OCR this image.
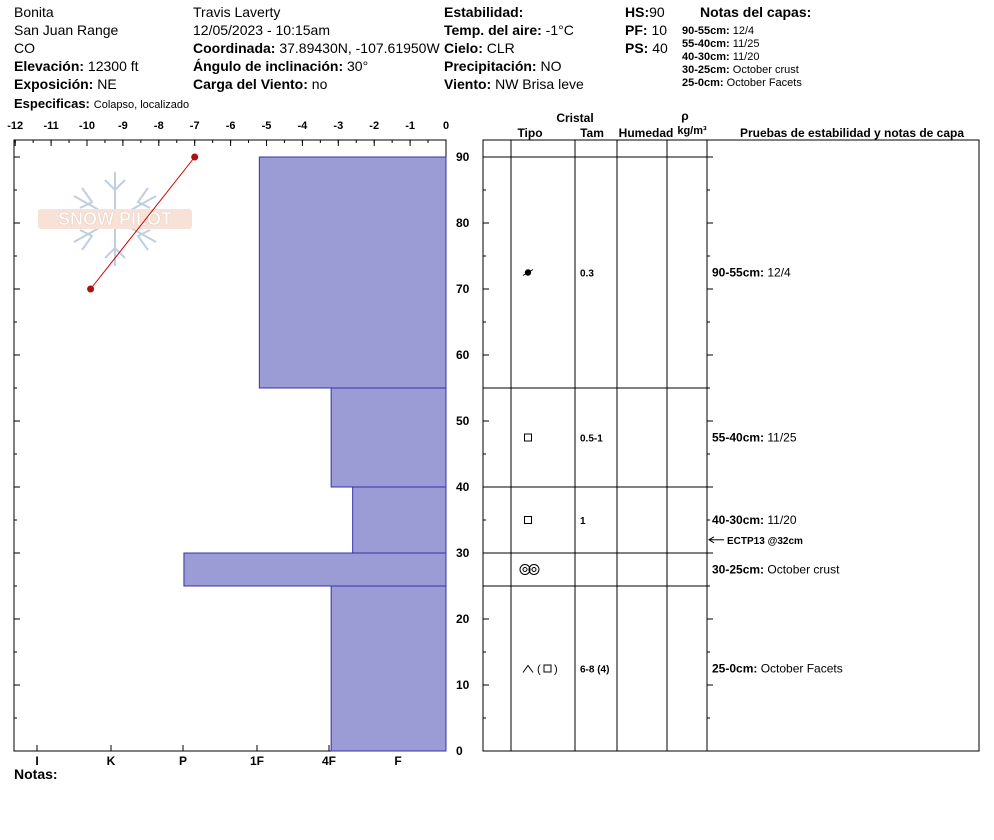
Bonita
San Juan Range
CO
Elevación: 12300 ft
Exposición: NE
Especificas: Colapso, localizado
Travis Laverty
12/05/2023 - 10:15am
Coordinada: 37.89430N, -107.61950W
Ángulo de inclinación: 30°
Carga del Viento: no
Estabilidad:
Temp. del aire: -1°C
Cielo: CLR
Precipitación: NO
Viento: NW Brisa leve
HS:90
PF: 10
PS: 40
Notas del capas:
90-55cm: 12/4
55-40cm: 11/25
40-30cm: 11/20
30-25cm: October crust
25-0cm: October Facets
Notas:
SNOW PILOT
-12 -11 -10 -9 -8 -7 -6 -5 -4 -3 -2 -1	0
0
10
20
30
40
50
60
70
80
90
I	K	P	1F	4F	F
Cristal
Tipo	Tam Humedad
ρ
kg/m³	Pruebas de estabilidad y notas de capa
0.3	90-55cm: 12/4
0.5-1	55-40cm: 11/25
1	40-30cm: 11/20
30-25cm: October crust
( ) 6-8 (4)	25-0cm: October Facets
ECTP13 @32cm
